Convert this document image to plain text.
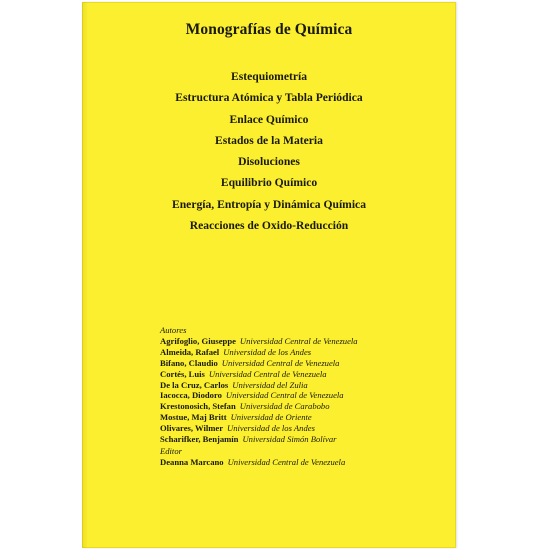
Monografías de Química
Estequiometría
Estructura Atómica y Tabla Periódica
Enlace Químico
Estados de la Materia
Disoluciones
Equilibrio Químico
Energía, Entropía y Dinámica Química
Reacciones de Oxido-Reducción
Autores
Agrifoglio, Giuseppe Universidad Central de Venezuela
Almeida, Rafael Universidad de los Andes
Bifano, Claudio Universidad Central de Venezuela
Cortés, Luis Universidad Central de Venezuela
De la Cruz, Carlos Universidad del Zulia
Iacocca, Diodoro Universidad Central de Venezuela
Krestonosich, Stefan Universidad de Carabobo
Mostue, Maj Britt Universidad de Oriente
Olivares, Wilmer Universidad de los Andes
Scharifker, Benjamín Universidad Simón Bolívar
Editor
Deanna Marcano Universidad Central de Venezuela
